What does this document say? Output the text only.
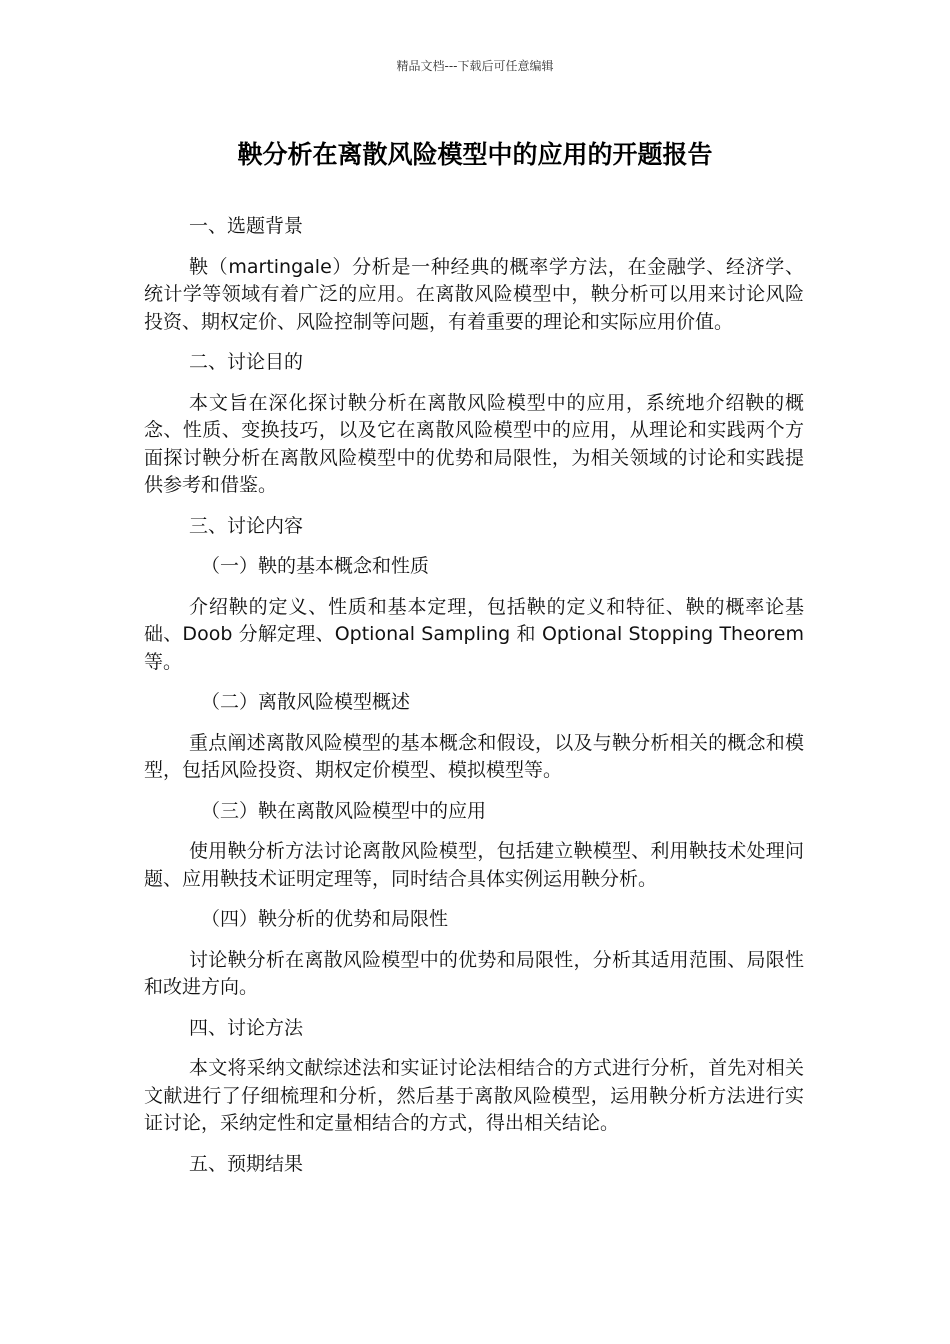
精品文档---下载后可任意编辑
鞅分析在离散风险模型中的应用的开题报告
一、选题背景
鞅（martingale）分析是一种经典的概率学方法，在金融学、经济学、统计学等领域有着广泛的应用。在离散风险模型中，鞅分析可以用来讨论风险投资、期权定价、风险控制等问题，有着重要的理论和实际应用价值。
二、讨论目的
本文旨在深化探讨鞅分析在离散风险模型中的应用，系统地介绍鞅的概念、性质、变换技巧，以及它在离散风险模型中的应用，从理论和实践两个方面探讨鞅分析在离散风险模型中的优势和局限性，为相关领域的讨论和实践提供参考和借鉴。
三、讨论内容
（一）鞅的基本概念和性质
介绍鞅的定义、性质和基本定理，包括鞅的定义和特征、鞅的概率论基础、Doob 分解定理、Optional Sampling 和 Optional Stopping Theorem 等。
（二）离散风险模型概述
重点阐述离散风险模型的基本概念和假设，以及与鞅分析相关的概念和模型，包括风险投资、期权定价模型、模拟模型等。
（三）鞅在离散风险模型中的应用
使用鞅分析方法讨论离散风险模型，包括建立鞅模型、利用鞅技术处理问题、应用鞅技术证明定理等，同时结合具体实例运用鞅分析。
（四）鞅分析的优势和局限性
讨论鞅分析在离散风险模型中的优势和局限性，分析其适用范围、局限性和改进方向。
四、讨论方法
本文将采纳文献综述法和实证讨论法相结合的方式进行分析，首先对相关文献进行了仔细梳理和分析，然后基于离散风险模型，运用鞅分析方法进行实证讨论，采纳定性和定量相结合的方式，得出相关结论。
五、预期结果
